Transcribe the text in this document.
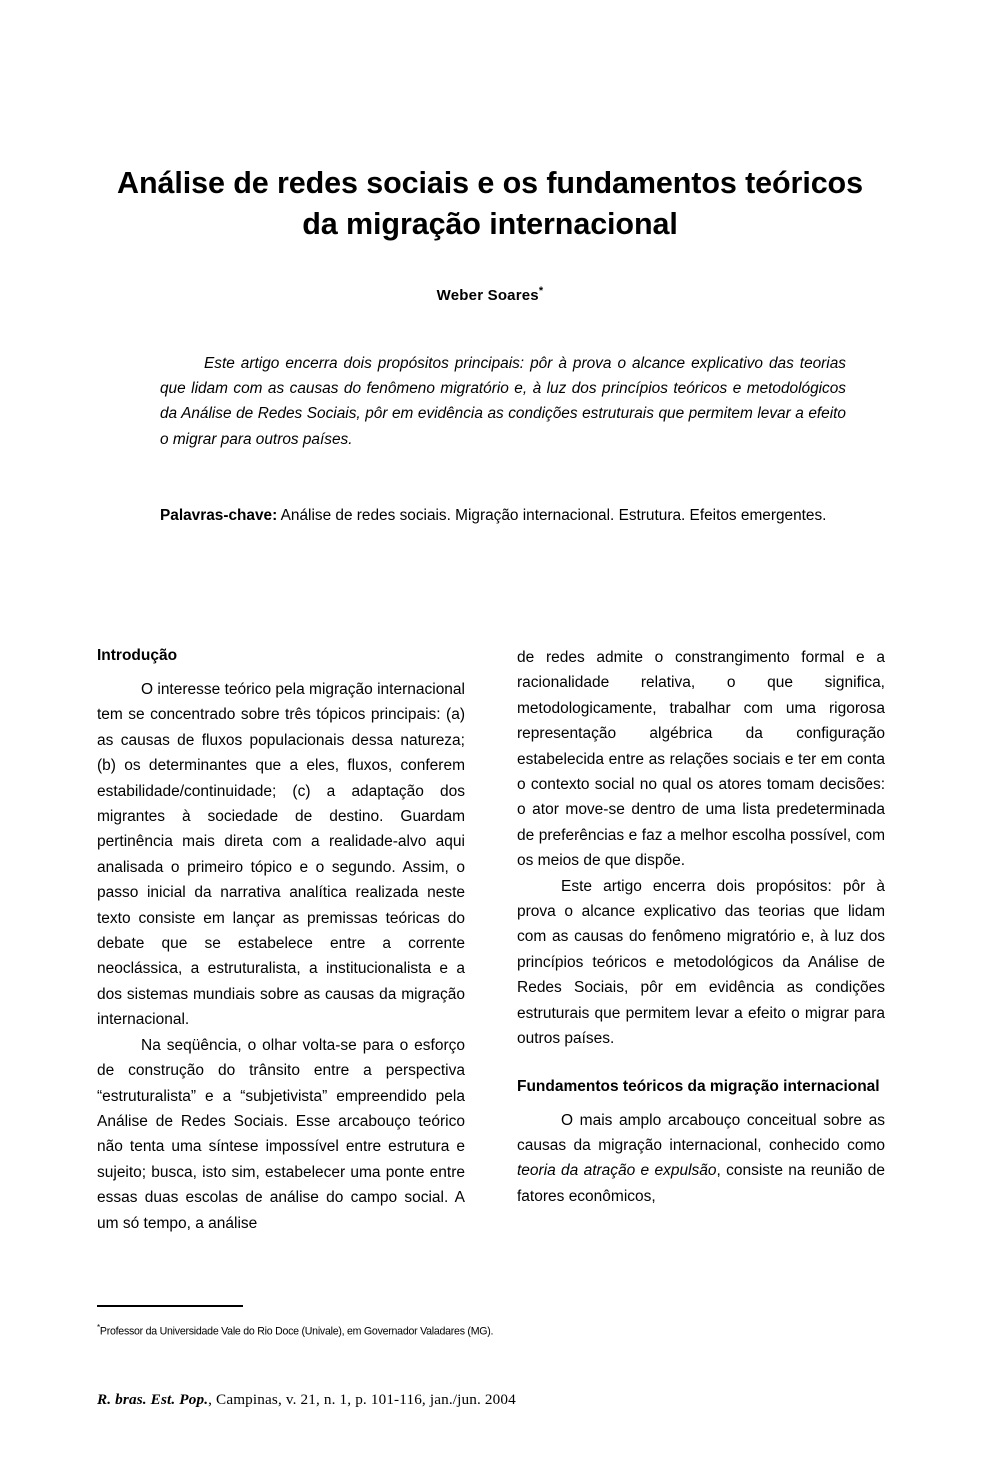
Análise de redes sociais e os fundamentos teóricos da migração internacional
Weber Soares*
Este artigo encerra dois propósitos principais: pôr à prova o alcance explicativo das teorias que lidam com as causas do fenômeno migratório e, à luz dos princípios teóricos e metodológicos da Análise de Redes Sociais, pôr em evidência as condições estruturais que permitem levar a efeito o migrar para outros países.
Palavras-chave: Análise de redes sociais. Migração internacional. Estrutura. Efeitos emergentes.
Introdução

O interesse teórico pela migração internacional tem se concentrado sobre três tópicos principais: (a) as causas de fluxos populacionais dessa natureza; (b) os determinantes que a eles, fluxos, conferem estabilidade/continuidade; (c) a adaptação dos migrantes à sociedade de destino. Guardam pertinência mais direta com a realidade-alvo aqui analisada o primeiro tópico e o segundo. Assim, o passo inicial da narrativa analítica realizada neste texto consiste em lançar as premissas teóricas do debate que se estabelece entre a corrente neoclássica, a estruturalista, a institucionalista e a dos sistemas mundiais sobre as causas da migração internacional.

Na seqüência, o olhar volta-se para o esforço de construção do trânsito entre a perspectiva “estruturalista” e a “subjetivista” empreendido pela Análise de Redes Sociais. Esse arcabouço teórico não tenta uma síntese impossível entre estrutura e sujeito; busca, isto sim, estabelecer uma ponte entre essas duas escolas de análise do campo social. A um só tempo, a análise

de redes admite o constrangimento formal e a racionalidade relativa, o que significa, metodologicamente, trabalhar com uma rigorosa representação algébrica da configuração estabelecida entre as relações sociais e ter em conta o contexto social no qual os atores tomam decisões: o ator move-se dentro de uma lista predeterminada de preferências e faz a melhor escolha possível, com os meios de que dispõe.

Este artigo encerra dois propósitos: pôr à prova o alcance explicativo das teorias que lidam com as causas do fenômeno migratório e, à luz dos princípios teóricos e metodológicos da Análise de Redes Sociais, pôr em evidência as condições estruturais que permitem levar a efeito o migrar para outros países.

Fundamentos teóricos da migração internacional

O mais amplo arcabouço conceitual sobre as causas da migração internacional, conhecido como teoria da atração e expulsão, consiste na reunião de fatores econômicos,

*Professor da Universidade Vale do Rio Doce (Univale), em Governador Valadares (MG).
R. bras. Est. Pop., Campinas, v. 21, n. 1, p. 101-116, jan./jun. 2004
